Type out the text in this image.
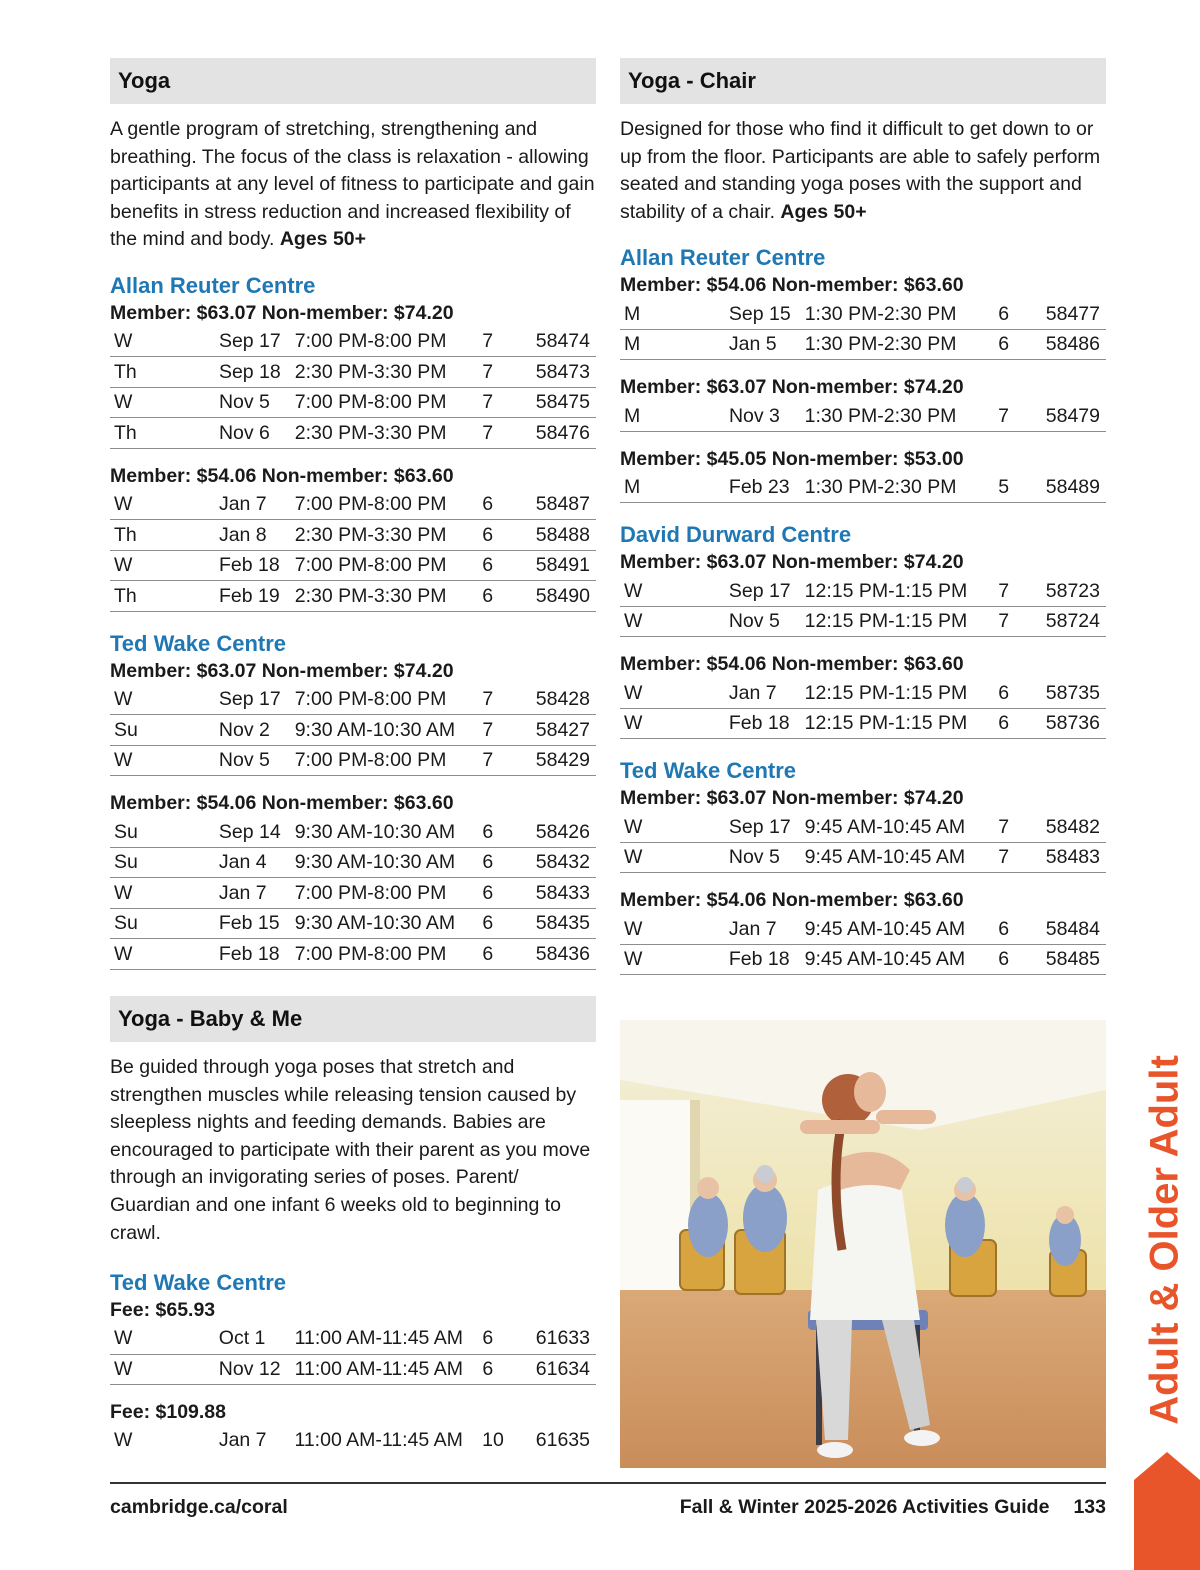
Yoga

A gentle program of stretching, strengthening and breathing. The focus of the class is relaxation - allowing participants at any level of fitness to participate and gain benefits in stress reduction and increased flexibility of the mind and body. Ages 50+

Allan Reuter Centre
Member: $63.07 Non-member: $74.20
W	Sep 17	7:00 PM-8:00 PM	7	58474
Th	Sep 18	2:30 PM-3:30 PM	7	58473
W	Nov 5	7:00 PM-8:00 PM	7	58475
Th	Nov 6	2:30 PM-3:30 PM	7	58476
Member: $54.06 Non-member: $63.60
W	Jan 7	7:00 PM-8:00 PM	6	58487
Th	Jan 8	2:30 PM-3:30 PM	6	58488
W	Feb 18	7:00 PM-8:00 PM	6	58491
Th	Feb 19	2:30 PM-3:30 PM	6	58490
Ted Wake Centre
Member: $63.07 Non-member: $74.20
W	Sep 17	7:00 PM-8:00 PM	7	58428
Su	Nov 2	9:30 AM-10:30 AM	7	58427
W	Nov 5	7:00 PM-8:00 PM	7	58429
Member: $54.06 Non-member: $63.60
Su	Sep 14	9:30 AM-10:30 AM	6	58426
Su	Jan 4	9:30 AM-10:30 AM	6	58432
W	Jan 7	7:00 PM-8:00 PM	6	58433
Su	Feb 15	9:30 AM-10:30 AM	6	58435
W	Feb 18	7:00 PM-8:00 PM	6	58436
Yoga - Baby & Me

Be guided through yoga poses that stretch and strengthen muscles while releasing tension caused by sleepless nights and feeding demands. Babies are encouraged to participate with their parent as you move through an invigorating series of poses. Parent/ Guardian and one infant 6 weeks old to beginning to crawl.

Ted Wake Centre
Fee: $65.93
W	Oct 1	11:00 AM-11:45 AM	6	61633
W	Nov 12	11:00 AM-11:45 AM	6	61634
Fee: $109.88
W	Jan 7	11:00 AM-11:45 AM	10	61635
Yoga - Chair

Designed for those who find it difficult to get down to or up from the floor. Participants are able to safely perform seated and standing yoga poses with the support and stability of a chair. Ages 50+

Allan Reuter Centre
Member: $54.06 Non-member: $63.60
M	Sep 15	1:30 PM-2:30 PM	6	58477
M	Jan 5	1:30 PM-2:30 PM	6	58486
Member: $63.07 Non-member: $74.20
M	Nov 3	1:30 PM-2:30 PM	7	58479
Member: $45.05 Non-member: $53.00
M	Feb 23	1:30 PM-2:30 PM	5	58489
David Durward Centre
Member: $63.07 Non-member: $74.20
W	Sep 17	12:15 PM-1:15 PM	7	58723
W	Nov 5	12:15 PM-1:15 PM	7	58724
Member: $54.06 Non-member: $63.60
W	Jan 7	12:15 PM-1:15 PM	6	58735
W	Feb 18	12:15 PM-1:15 PM	6	58736
Ted Wake Centre
Member: $63.07 Non-member: $74.20
W	Sep 17	9:45 AM-10:45 AM	7	58482
W	Nov 5	9:45 AM-10:45 AM	7	58483
Member: $54.06 Non-member: $63.60
W	Jan 7	9:45 AM-10:45 AM	6	58484
W	Feb 18	9:45 AM-10:45 AM	6	58485
cambridge.ca/coral	Fall & Winter 2025-2026 Activities Guide 133
Adult & Older Adult
